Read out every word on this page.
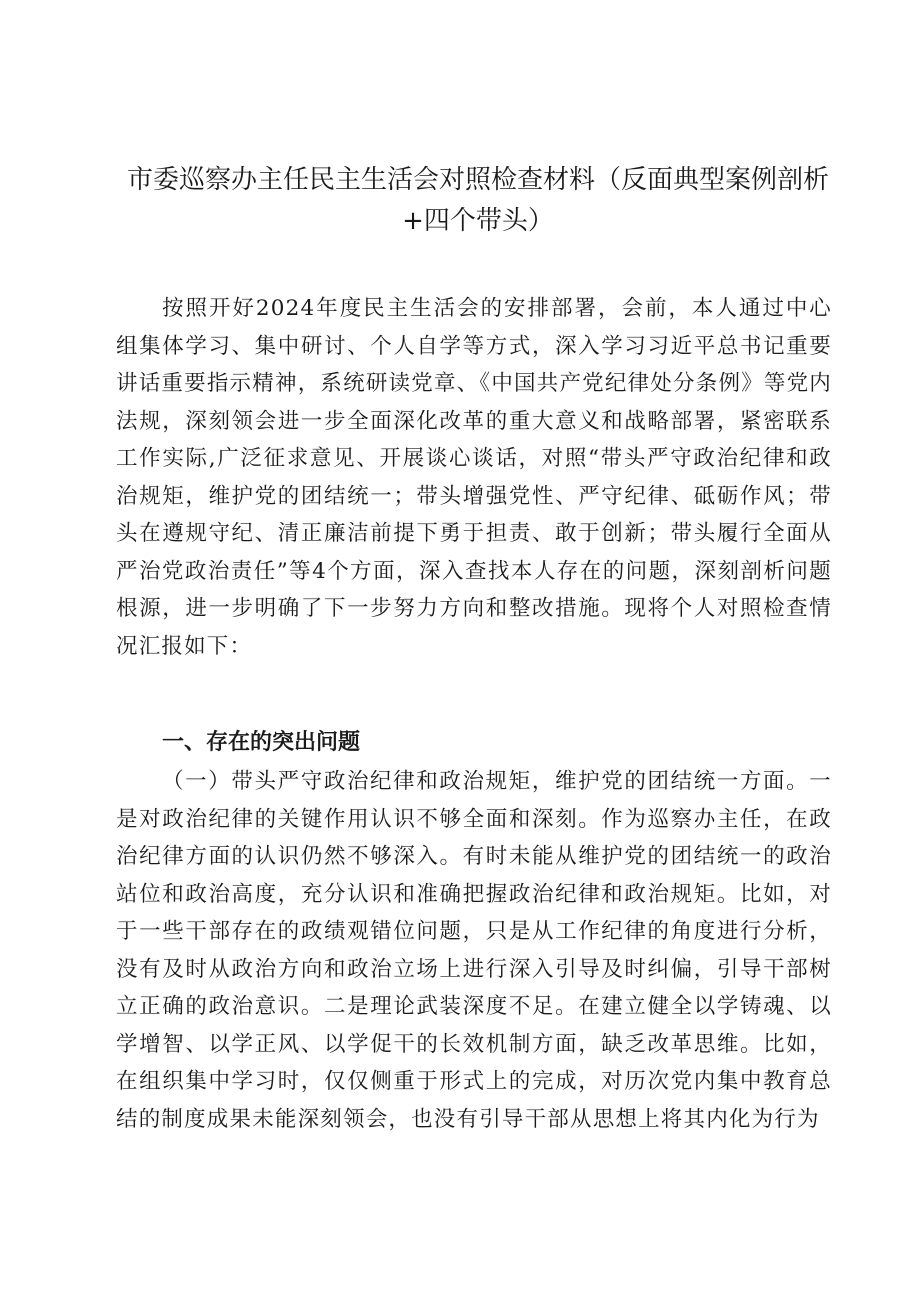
市委巡察办主任民主生活会对照检查材料（反面典型案例剖析+四个带头）

按照开好2024年度民主生活会的安排部署，会前，本人通过中心组集体学习、集中研讨、个人自学等方式，深入学习习近平总书记重要讲话重要指示精神，系统研读党章、《中国共产党纪律处分条例》等党内法规，深刻领会进一步全面深化改革的重大意义和战略部署，紧密联系工作实际,广泛征求意见、开展谈心谈话，对照“带头严守政治纪律和政治规矩，维护党的团结统一；带头增强党性、严守纪律、砥砺作风；带头在遵规守纪、清正廉洁前提下勇于担责、敢于创新；带头履行全面从严治党政治责任”等4个方面，深入查找本人存在的问题，深刻剖析问题根源，进一步明确了下一步努力方向和整改措施。现将个人对照检查情况汇报如下：

一、存在的突出问题

（一）带头严守政治纪律和政治规矩，维护党的团结统一方面。一是对政治纪律的关键作用认识不够全面和深刻。作为巡察办主任，在政治纪律方面的认识仍然不够深入。有时未能从维护党的团结统一的政治站位和政治高度，充分认识和准确把握政治纪律和政治规矩。比如，对于一些干部存在的政绩观错位问题，只是从工作纪律的角度进行分析，没有及时从政治方向和政治立场上进行深入引导及时纠偏，引导干部树立正确的政治意识。二是理论武装深度不足。在建立健全以学铸魂、以学增智、以学正风、以学促干的长效机制方面，缺乏改革思维。比如，在组织集中学习时，仅仅侧重于形式上的完成，对历次党内集中教育总结的制度成果未能深刻领会，也没有引导干部从思想上将其内化为行为
